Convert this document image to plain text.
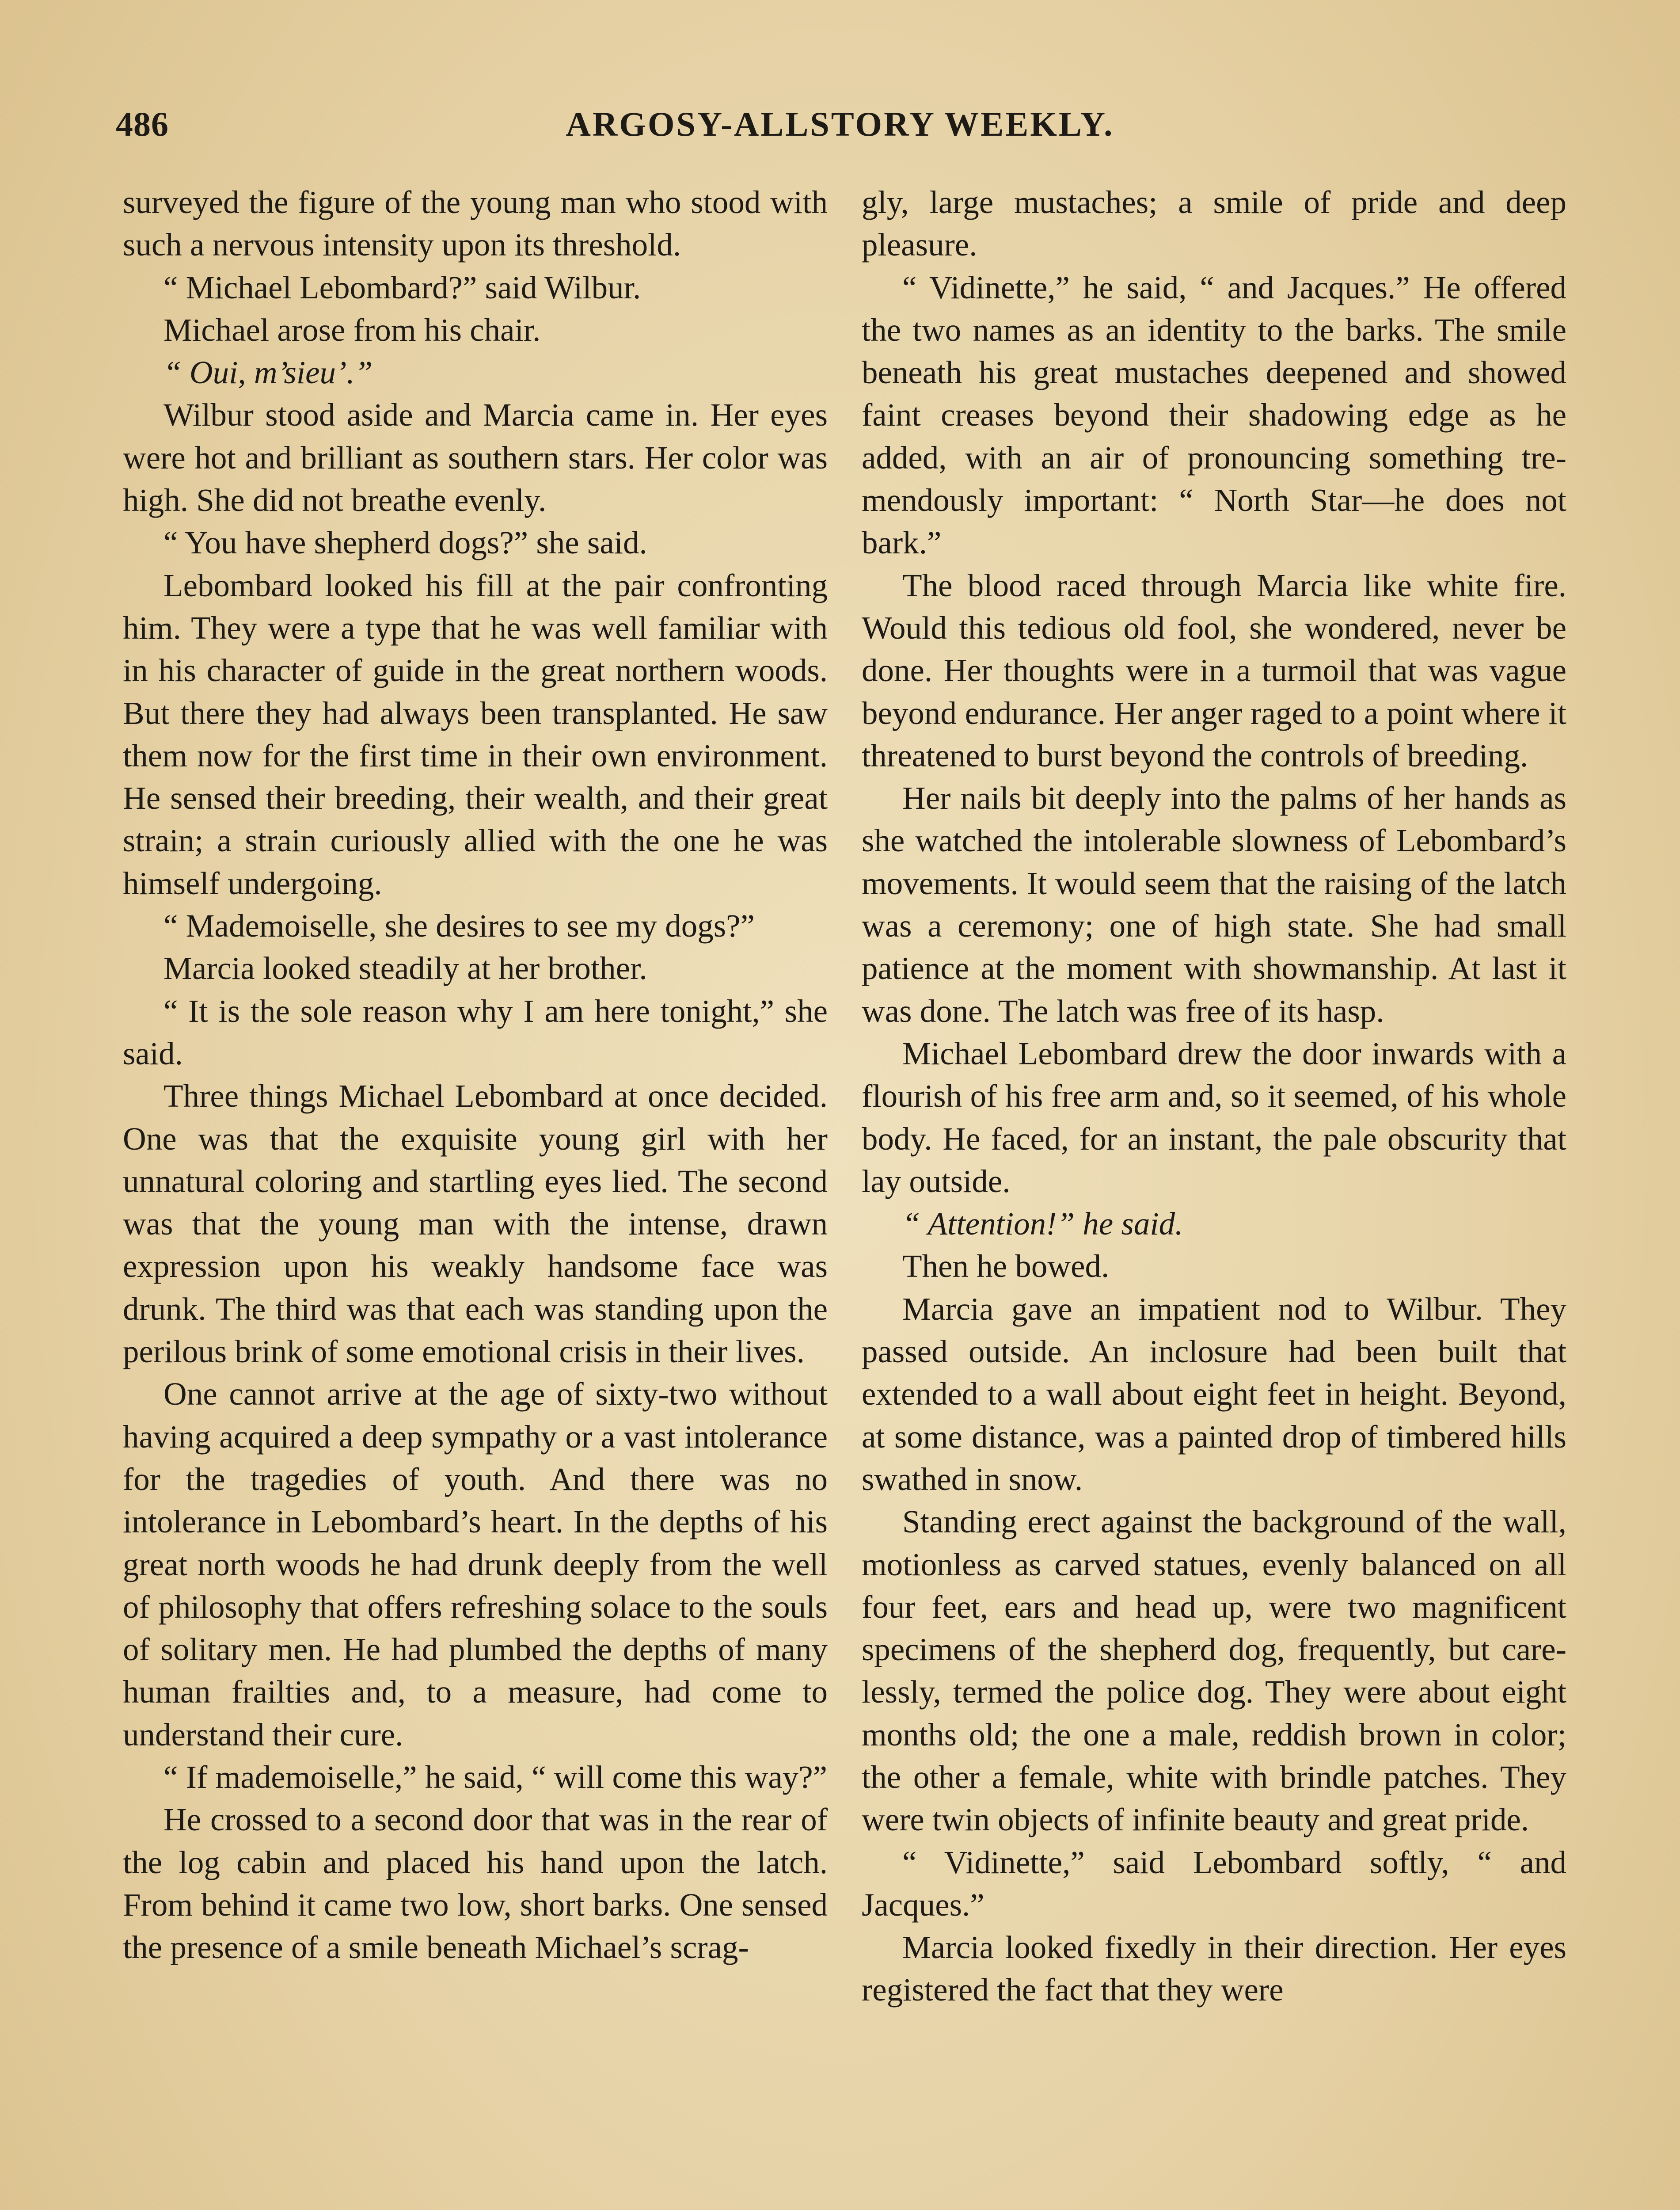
486	ARGOSY-ALLSTORY WEEKLY.

surveyed the figure of the young man who stood with such a nervous intensity upon its threshold.

“ Michael Lebombard?” said Wilbur.

Michael arose from his chair.

“ Oui, m’sieu’.”

Wilbur stood aside and Marcia came in. Her eyes were hot and brilliant as southern stars. Her color was high. She did not breathe evenly.

“ You have shepherd dogs?” she said.

Lebombard looked his fill at the pair confronting him. They were a type that he was well familiar with in his character of guide in the great northern woods. But there they had always been transplanted. He saw them now for the first time in their own environment. He sensed their breeding, their wealth, and their great strain; a strain curiously allied with the one he was himself undergoing.

“ Mademoiselle, she desires to see my dogs?”

Marcia looked steadily at her brother.

“ It is the sole reason why I am here tonight,” she said.

Three things Michael Lebombard at once decided. One was that the exquisite young girl with her unnatural coloring and startling eyes lied. The second was that the young man with the intense, drawn expression upon his weakly handsome face was drunk. The third was that each was standing upon the perilous brink of some emotional crisis in their lives.

One cannot arrive at the age of sixty-two without having acquired a deep sympathy or a vast intolerance for the tragedies of youth. And there was no intolerance in Lebombard’s heart. In the depths of his great north woods he had drunk deeply from the well of philosophy that offers refreshing solace to the souls of solitary men. He had plumbed the depths of many human frailties and, to a measure, had come to understand their cure.

“ If mademoiselle,” he said, “ will come this way?”

He crossed to a second door that was in the rear of the log cabin and placed his hand upon the latch. From behind it came two low, short barks. One sensed the presence of a smile beneath Michael’s scrag-

gly, large mustaches; a smile of pride and deep pleasure.

“ Vidinette,” he said, “ and Jacques.” He offered the two names as an identity to the barks. The smile beneath his great mustaches deepened and showed faint creases beyond their shadowing edge as he added, with an air of pronouncing something tremendously important: “ North Star—he does not bark.”

The blood raced through Marcia like white fire. Would this tedious old fool, she wondered, never be done. Her thoughts were in a turmoil that was vague beyond endurance. Her anger raged to a point where it threatened to burst beyond the controls of breeding.

Her nails bit deeply into the palms of her hands as she watched the intolerable slowness of Lebombard’s movements. It would seem that the raising of the latch was a ceremony; one of high state. She had small patience at the moment with showmanship. At last it was done. The latch was free of its hasp.

Michael Lebombard drew the door inwards with a flourish of his free arm and, so it seemed, of his whole body. He faced, for an instant, the pale obscurity that lay outside.

“ Attention!” he said.

Then he bowed.

Marcia gave an impatient nod to Wilbur. They passed outside. An inclosure had been built that extended to a wall about eight feet in height. Beyond, at some distance, was a painted drop of timbered hills swathed in snow.

Standing erect against the background of the wall, motionless as carved statues, evenly balanced on all four feet, ears and head up, were two magnificent specimens of the shepherd dog, frequently, but carelessly, termed the police dog. They were about eight months old; the one a male, reddish brown in color; the other a female, white with brindle patches. They were twin objects of infinite beauty and great pride.

“ Vidinette,” said Lebombard softly, “ and Jacques.”

Marcia looked fixedly in their direction. Her eyes registered the fact that they were
